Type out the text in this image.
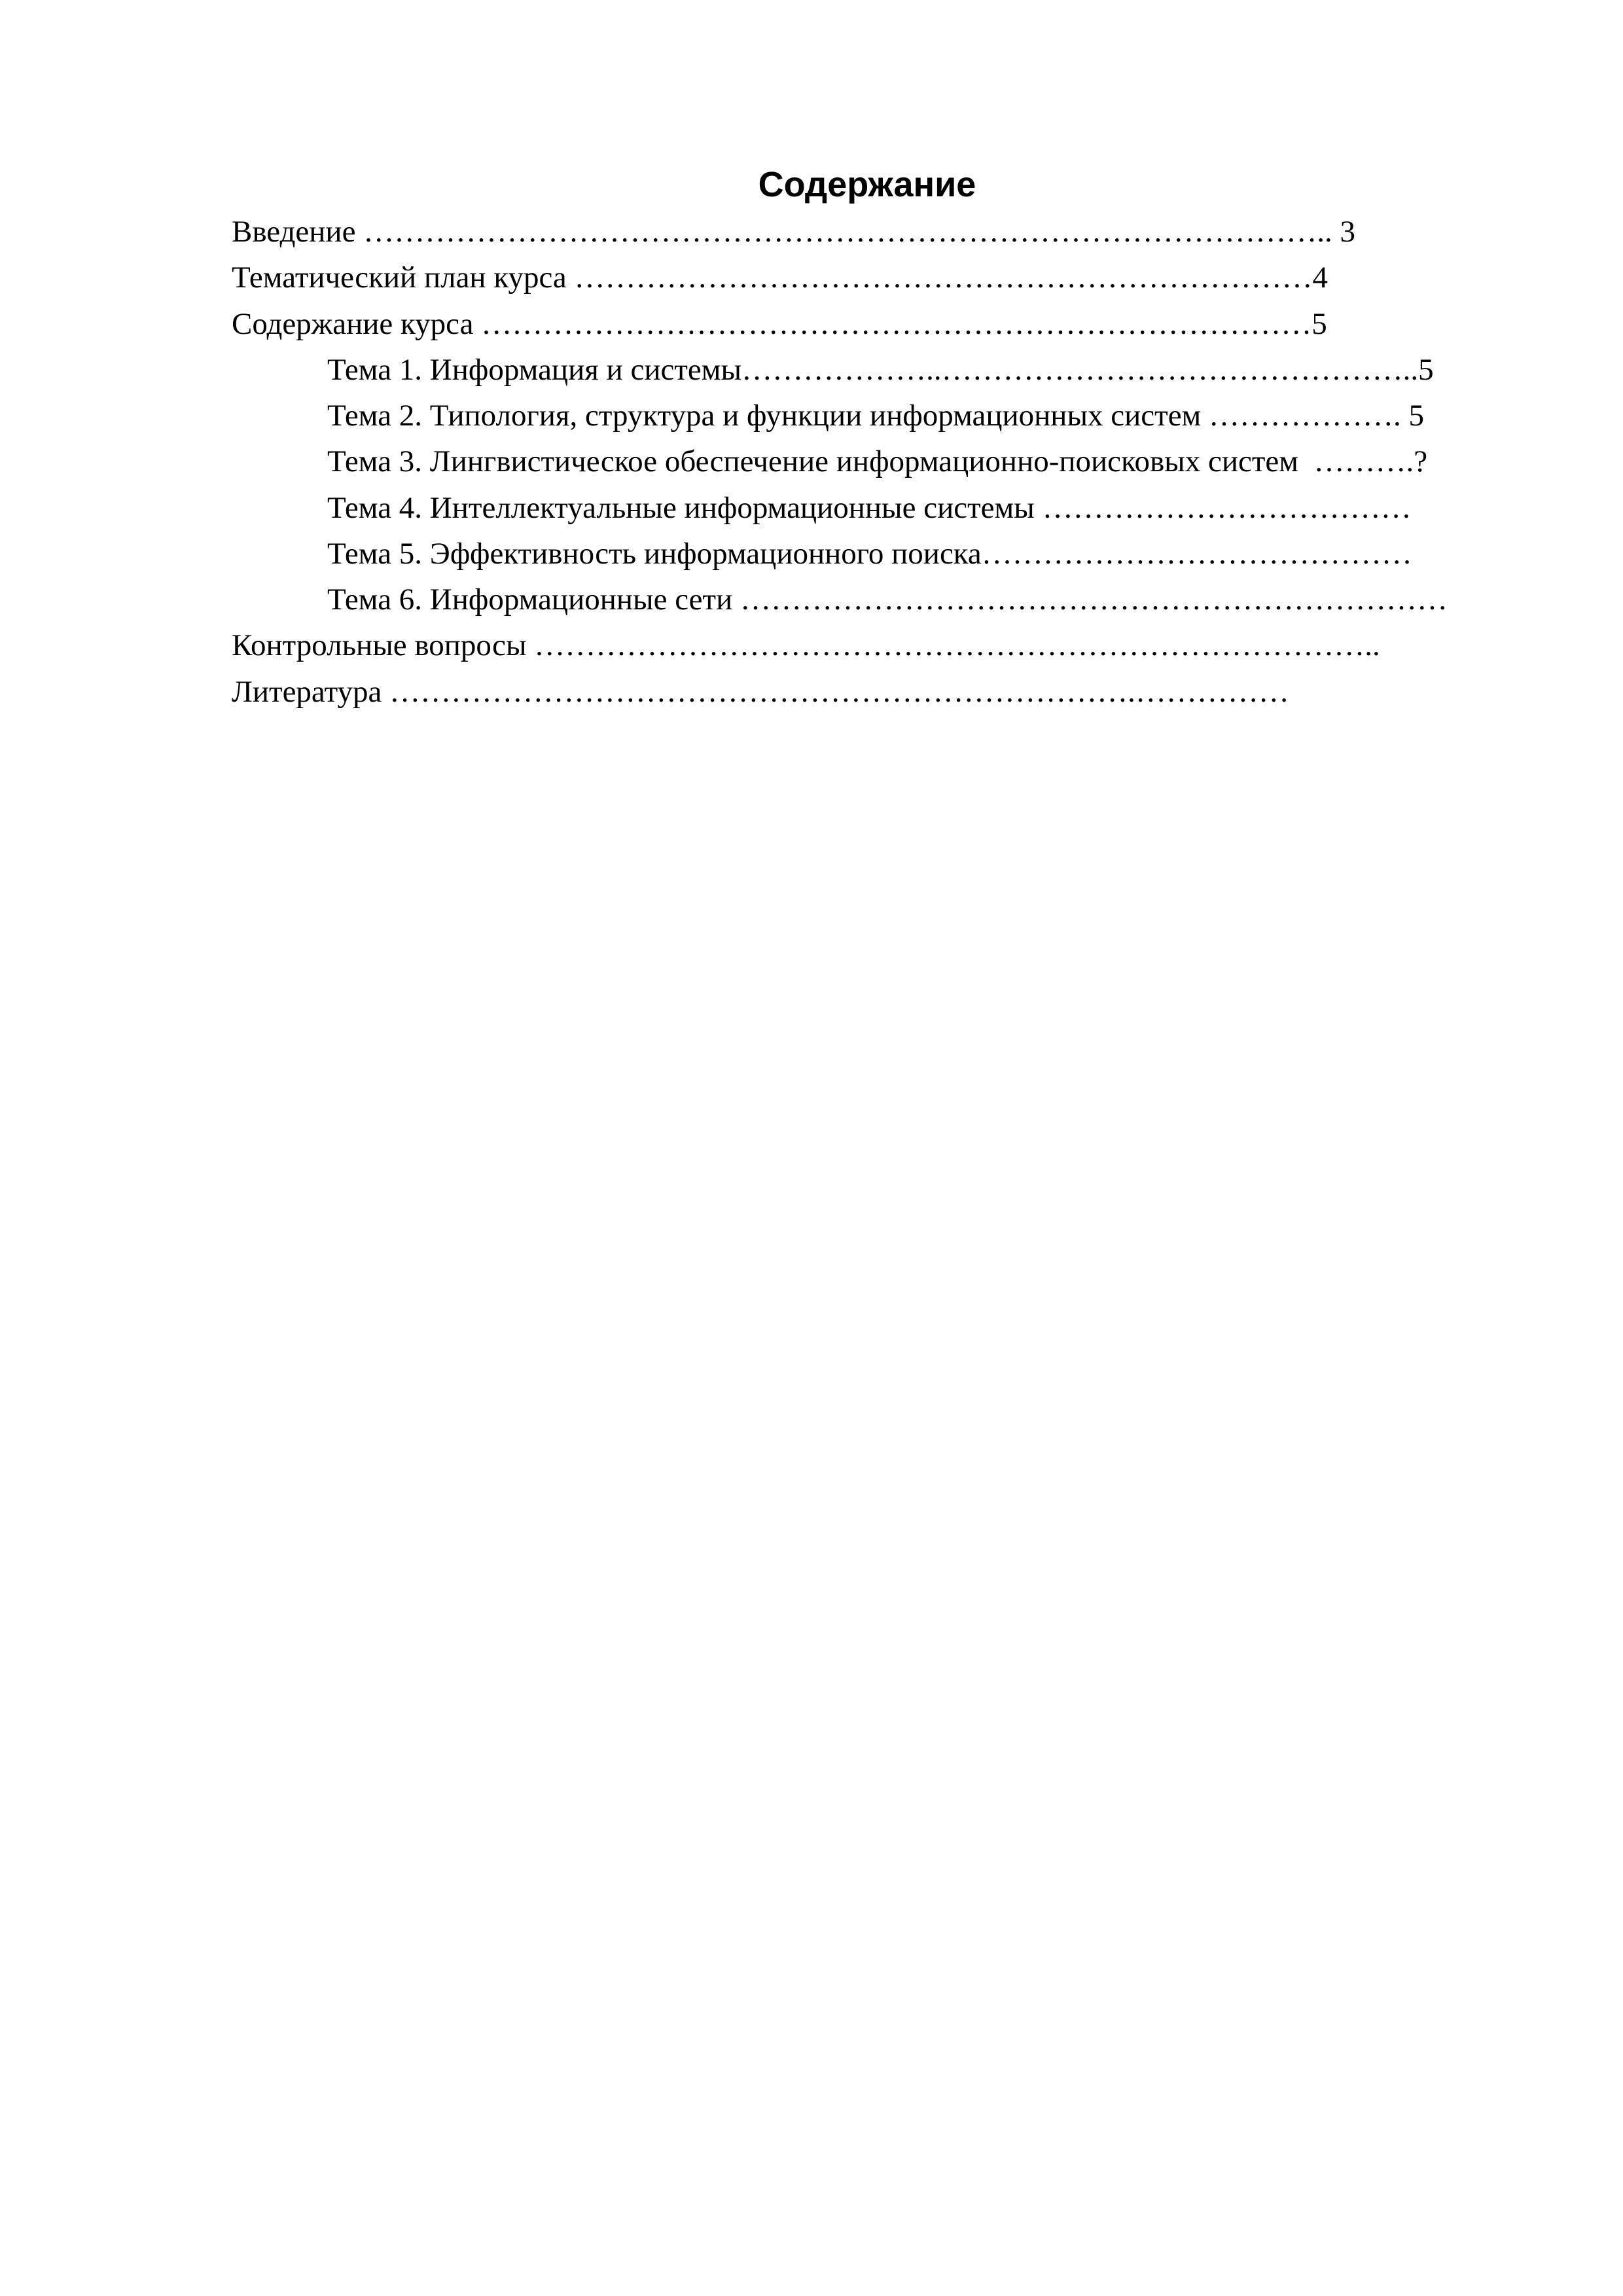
Содержание
Введение ………………………………………………………………………………….. 3
Тематический план курса ………………………………………………………………4
Содержание курса ………………………………………………………………………5
Тема 1. Информация и системы………………..………………………………………..5
Тема 2. Типология, структура и функции информационных систем ………………. 5
Тема 3. Лингвистическое обеспечение информационно-поисковых систем  ……….?
Тема 4. Интеллектуальные информационные системы ………………………………
Тема 5. Эффективность информационного поиска……………………………………
Тема 6. Информационные сети ……………………………………………………………
Контрольные вопросы ………………………………………………………………………..
Литература ……………………………………………………………….……………
